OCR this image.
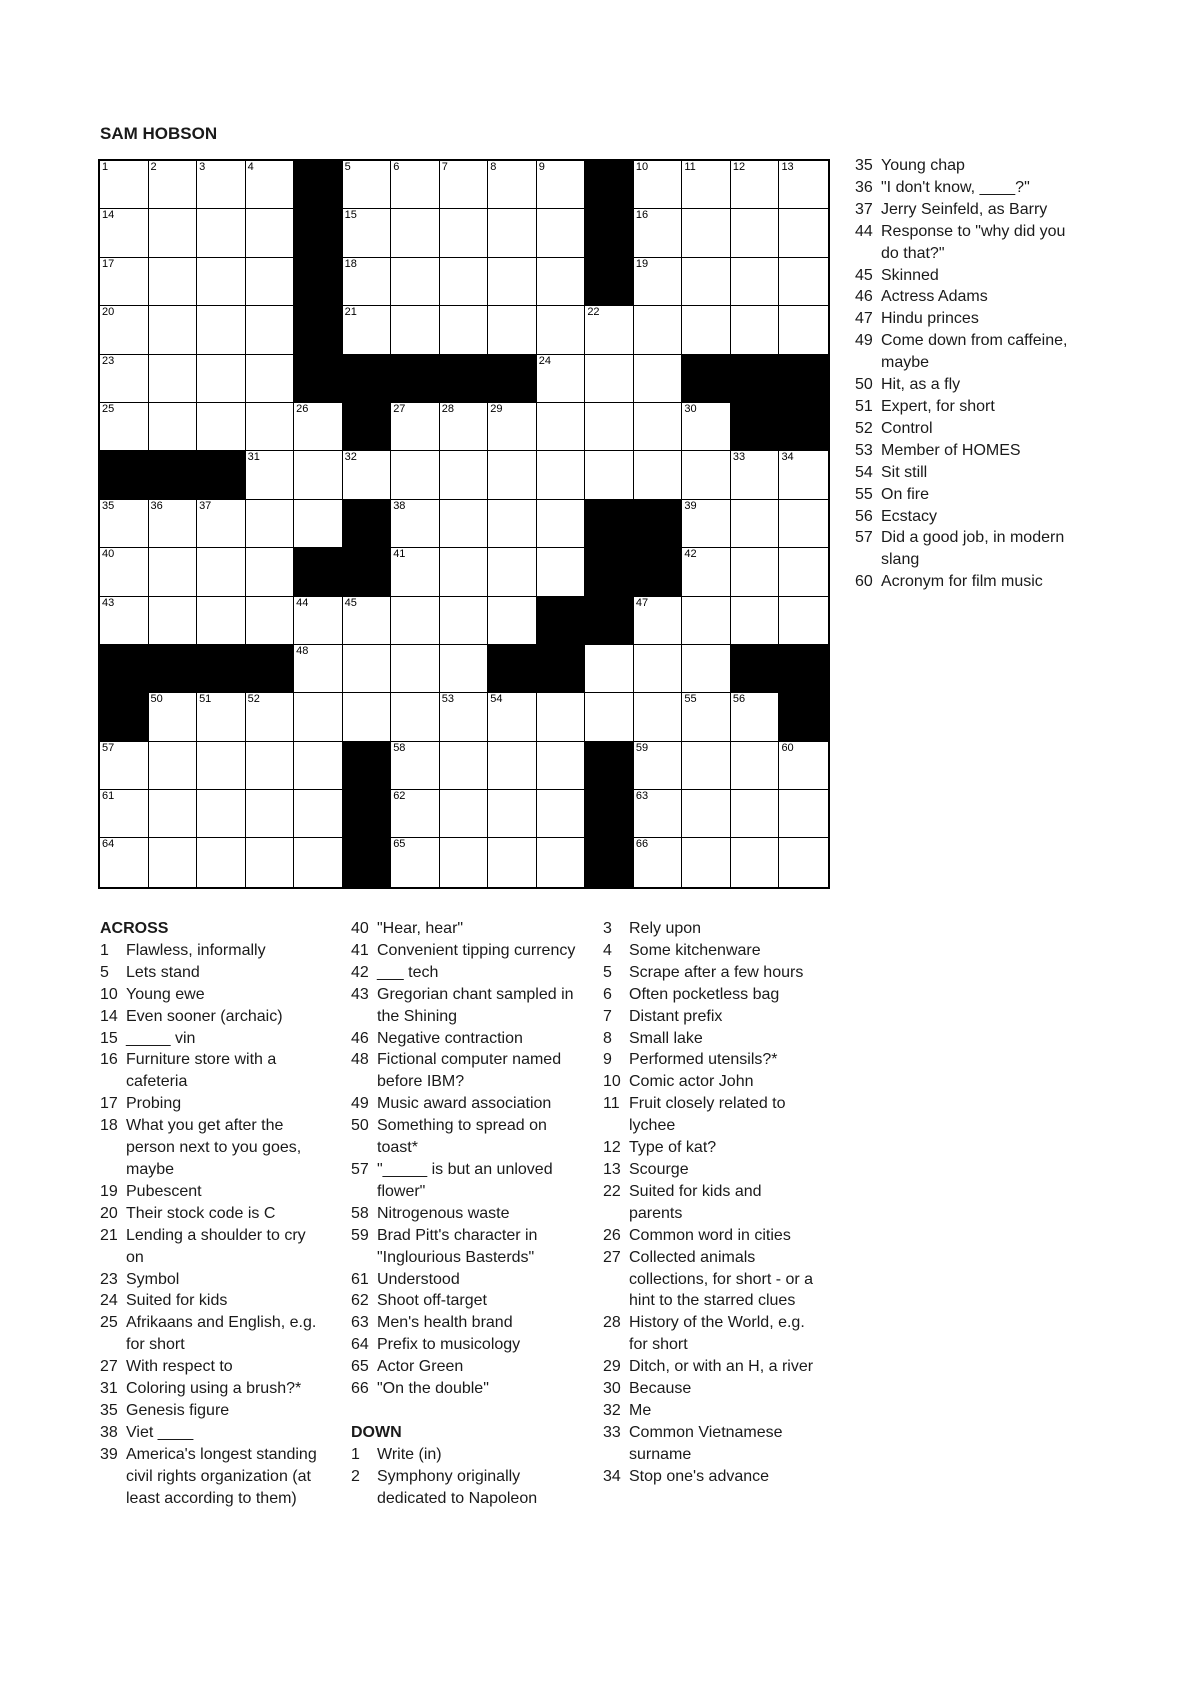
SAM HOBSON
1	2	3	4	5	6	7	8	9	10	11	12	13
14	15	16
17	18	19
20	21	22
23	24
25	26	27	28	29	30
31	32	33	34
35	36	37	38	39
40	41	42
43	44	45	46	47
48	49
50	51	52	53	54	55	56
57	58	59	60
61	62	63
64	65	66
ACROSS
1	Flawless, informally
5	Lets stand
10 Young ewe
14 Even sooner (archaic)
15 _____ vin
16 Furniture store with a cafeteria
17 Probing
18 What you get after the person next to you goes, maybe
19 Pubescent
20 Their stock code is C
21 Lending a shoulder to cry on
23 Symbol
24 Suited for kids
25 Afrikaans and English, e.g. for short
27 With respect to
31 Coloring using a brush?*
35 Genesis figure
38 Viet ____
39 America's longest standing civil rights organization (at least according to them)
40 "Hear, hear"
41 Convenient tipping currency
42 ___ tech
43 Gregorian chant sampled in the Shining
46 Negative contraction
48 Fictional computer named before IBM?
49 Music award association
50 Something to spread on toast*
57 "_____ is but an unloved flower"
58 Nitrogenous waste
59 Brad Pitt's character in "Inglourious Basterds"
61 Understood
62 Shoot off-target
63 Men's health brand
64 Prefix to musicology
65 Actor Green
66 "On the double"
DOWN
1	Write (in)
2	Symphony originally dedicated to Napoleon
3	Rely upon
4	Some kitchenware
5	Scrape after a few hours
6	Often pocketless bag
7	Distant prefix
8	Small lake
9	Performed utensils?*
10 Comic actor John
11 Fruit closely related to lychee
12 Type of kat?
13 Scourge
22 Suited for kids and parents
26 Common word in cities
27 Collected animals collections, for short - or a hint to the starred clues
28 History of the World, e.g. for short
29 Ditch, or with an H, a river
30 Because
32 Me
33 Common Vietnamese surname
34 Stop one's advance
35 Young chap
36 "I don't know, ____?"
37 Jerry Seinfeld, as Barry
44 Response to "why did you do that?"
45 Skinned
46 Actress Adams
47 Hindu princes
49 Come down from caffeine, maybe
50 Hit, as a fly
51 Expert, for short
52 Control
53 Member of HOMES
54 Sit still
55 On fire
56 Ecstacy
57 Did a good job, in modern slang
60 Acronym for film music
